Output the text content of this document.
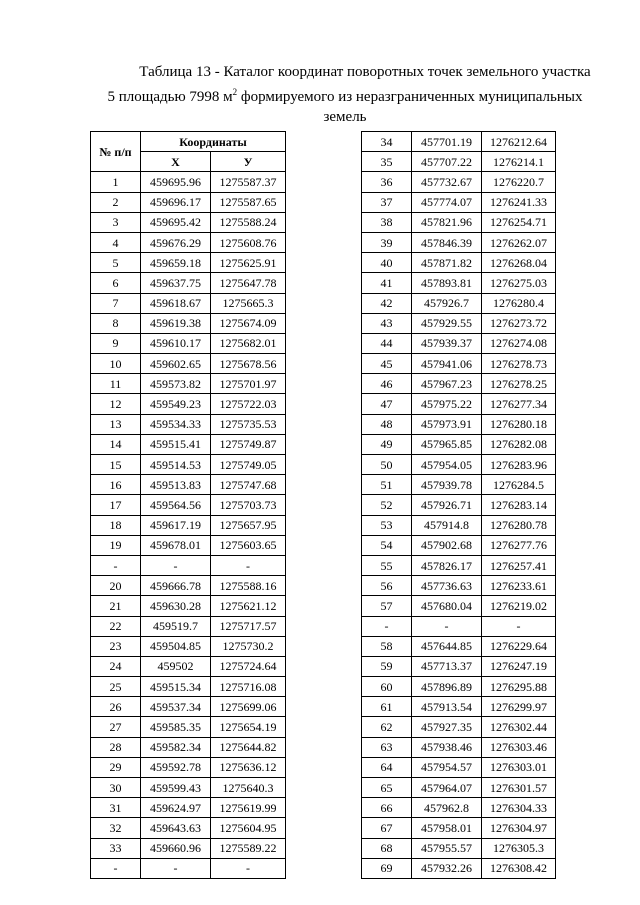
Таблица 13 - Каталог координат поворотных точек земельного участка
5 площадью 7998 $м^2$ формируемого из неразграниченных муниципальных
земель
№ п/п	Координаты	
	X	У
1	459695.96	1275587.37
2	459696.17	1275587.65
3	459695.42	1275588.24
4	459676.29	1275608.76
5	459659.18	1275625.91
6	459637.75	1275647.78
7	459618.67	1275665.3
8	459619.38	1275674.09
9	459610.17	1275682.01
10	459602.65	1275678.56
11	459573.82	1275701.97
12	459549.23	1275722.03
13	459534.33	1275735.53
14	459515.41	1275749.87
15	459514.53	1275749.05
16	459513.83	1275747.68
17	459564.56	1275703.73
18	459617.19	1275657.95
19	459678.01	1275603.65
-	-	-
20	459666.78	1275588.16
21	459630.28	1275621.12
22	459519.7	1275717.57
23	459504.85	1275730.2
24	459502	1275724.64
25	459515.34	1275716.08
26	459537.34	1275699.06
27	459585.35	1275654.19
28	459582.34	1275644.82
29	459592.78	1275636.12
30	459599.43	1275640.3
31	459624.97	1275619.99
32	459643.63	1275604.95
33	459660.96	1275589.22
-	-	-
34	457701.19	1276212.64
35	457707.22	1276214.1
36	457732.67	1276220.7
37	457774.07	1276241.33
38	457821.96	1276254.71
39	457846.39	1276262.07
40	457871.82	1276268.04
41	457893.81	1276275.03
42	457926.7	1276280.4
43	457929.55	1276273.72
44	457939.37	1276274.08
45	457941.06	1276278.73
46	457967.23	1276278.25
47	457975.22	1276277.34
48	457973.91	1276280.18
49	457965.85	1276282.08
50	457954.05	1276283.96
51	457939.78	1276284.5
52	457926.71	1276283.14
53	457914.8	1276280.78
54	457902.68	1276277.76
55	457826.17	1276257.41
56	457736.63	1276233.61
57	457680.04	1276219.02
-	-	-
58	457644.85	1276229.64
59	457713.37	1276247.19
60	457896.89	1276295.88
61	457913.54	1276299.97
62	457927.35	1276302.44
63	457938.46	1276303.46
64	457954.57	1276303.01
65	457964.07	1276301.57
66	457962.8	1276304.33
67	457958.01	1276304.97
68	457955.57	1276305.3
69	457932.26	1276308.42
